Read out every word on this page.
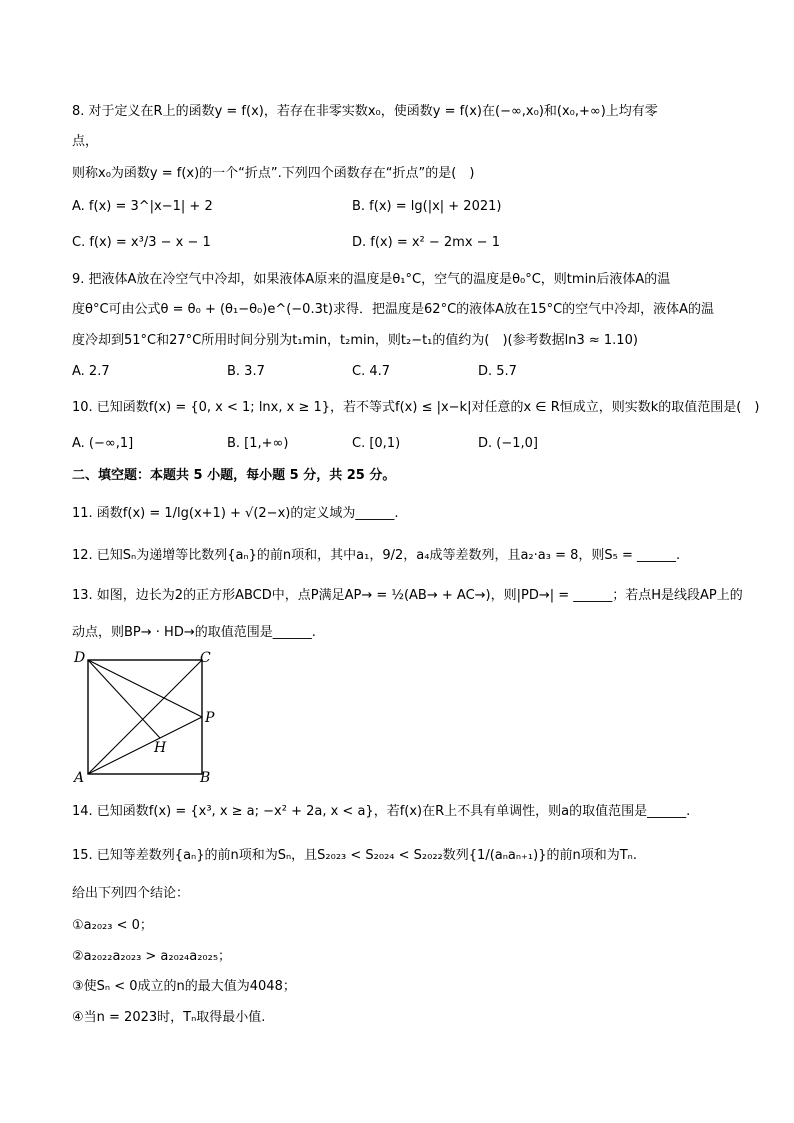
8. 对于定义在R上的函数y = f(x)，若存在非零实数x₀，使函数y = f(x)在(−∞,x₀)和(x₀,+∞)上均有零
点，
则称x₀为函数y = f(x)的一个“折点”.下列四个函数存在“折点”的是(　)
A. f(x) = 3^|x−1| + 2	B. f(x) = lg(|x| + 2021)
C. f(x) = x³/3 − x − 1	D. f(x) = x² − 2mx − 1
9. 把液体A放在冷空气中冷却，如果液体A原来的温度是θ₁°C，空气的温度是θ₀°C，则tmin后液体A的温
度θ°C可由公式θ = θ₀ + (θ₁−θ₀)e^(−0.3t)求得．把温度是62°C的液体A放在15°C的空气中冷却，液体A的温
度冷却到51°C和27°C所用时间分别为t₁min，t₂min，则t₂−t₁的值约为(　)(参考数据ln3 ≈ 1.10)
A. 2.7	B. 3.7	C. 4.7	D. 5.7
10. 已知函数f(x) = {0, x < 1; lnx, x ≥ 1}，若不等式f(x) ≤ |x−k|对任意的x ∈ R恒成立，则实数k的取值范围是(　)
A. (−∞,1]	B. [1,+∞)	C. [0,1)	D. (−1,0]
二、填空题：本题共 5 小题，每小题 5 分，共 25 分。
11. 函数f(x) = 1/lg(x+1) + √(2−x)的定义域为______.
12. 已知Sₙ为递增等比数列{aₙ}的前n项和，其中a₁，9/2，a₄成等差数列，且a₂·a₃ = 8，则S₅ = ______.
13. 如图，边长为2的正方形ABCD中，点P满足AP→ = ½(AB→ + AC→)，则|PD→| = ______；若点H是线段AP上的
动点，则BP→ · HD→的取值范围是______.
D	C
P
H
A	B
14. 已知函数f(x) = {x³, x ≥ a; −x² + 2a, x < a}，若f(x)在R上不具有单调性，则a的取值范围是______.
15. 已知等差数列{aₙ}的前n项和为Sₙ，且S₂₀₂₃ < S₂₀₂₄ < S₂₀₂₂数列{1/(aₙaₙ₊₁)}的前n项和为Tₙ.
给出下列四个结论：
①a₂₀₂₃ < 0；
②a₂₀₂₂a₂₀₂₃ > a₂₀₂₄a₂₀₂₅；
③使Sₙ < 0成立的n的最大值为4048；
④当n = 2023时，Tₙ取得最小值.
